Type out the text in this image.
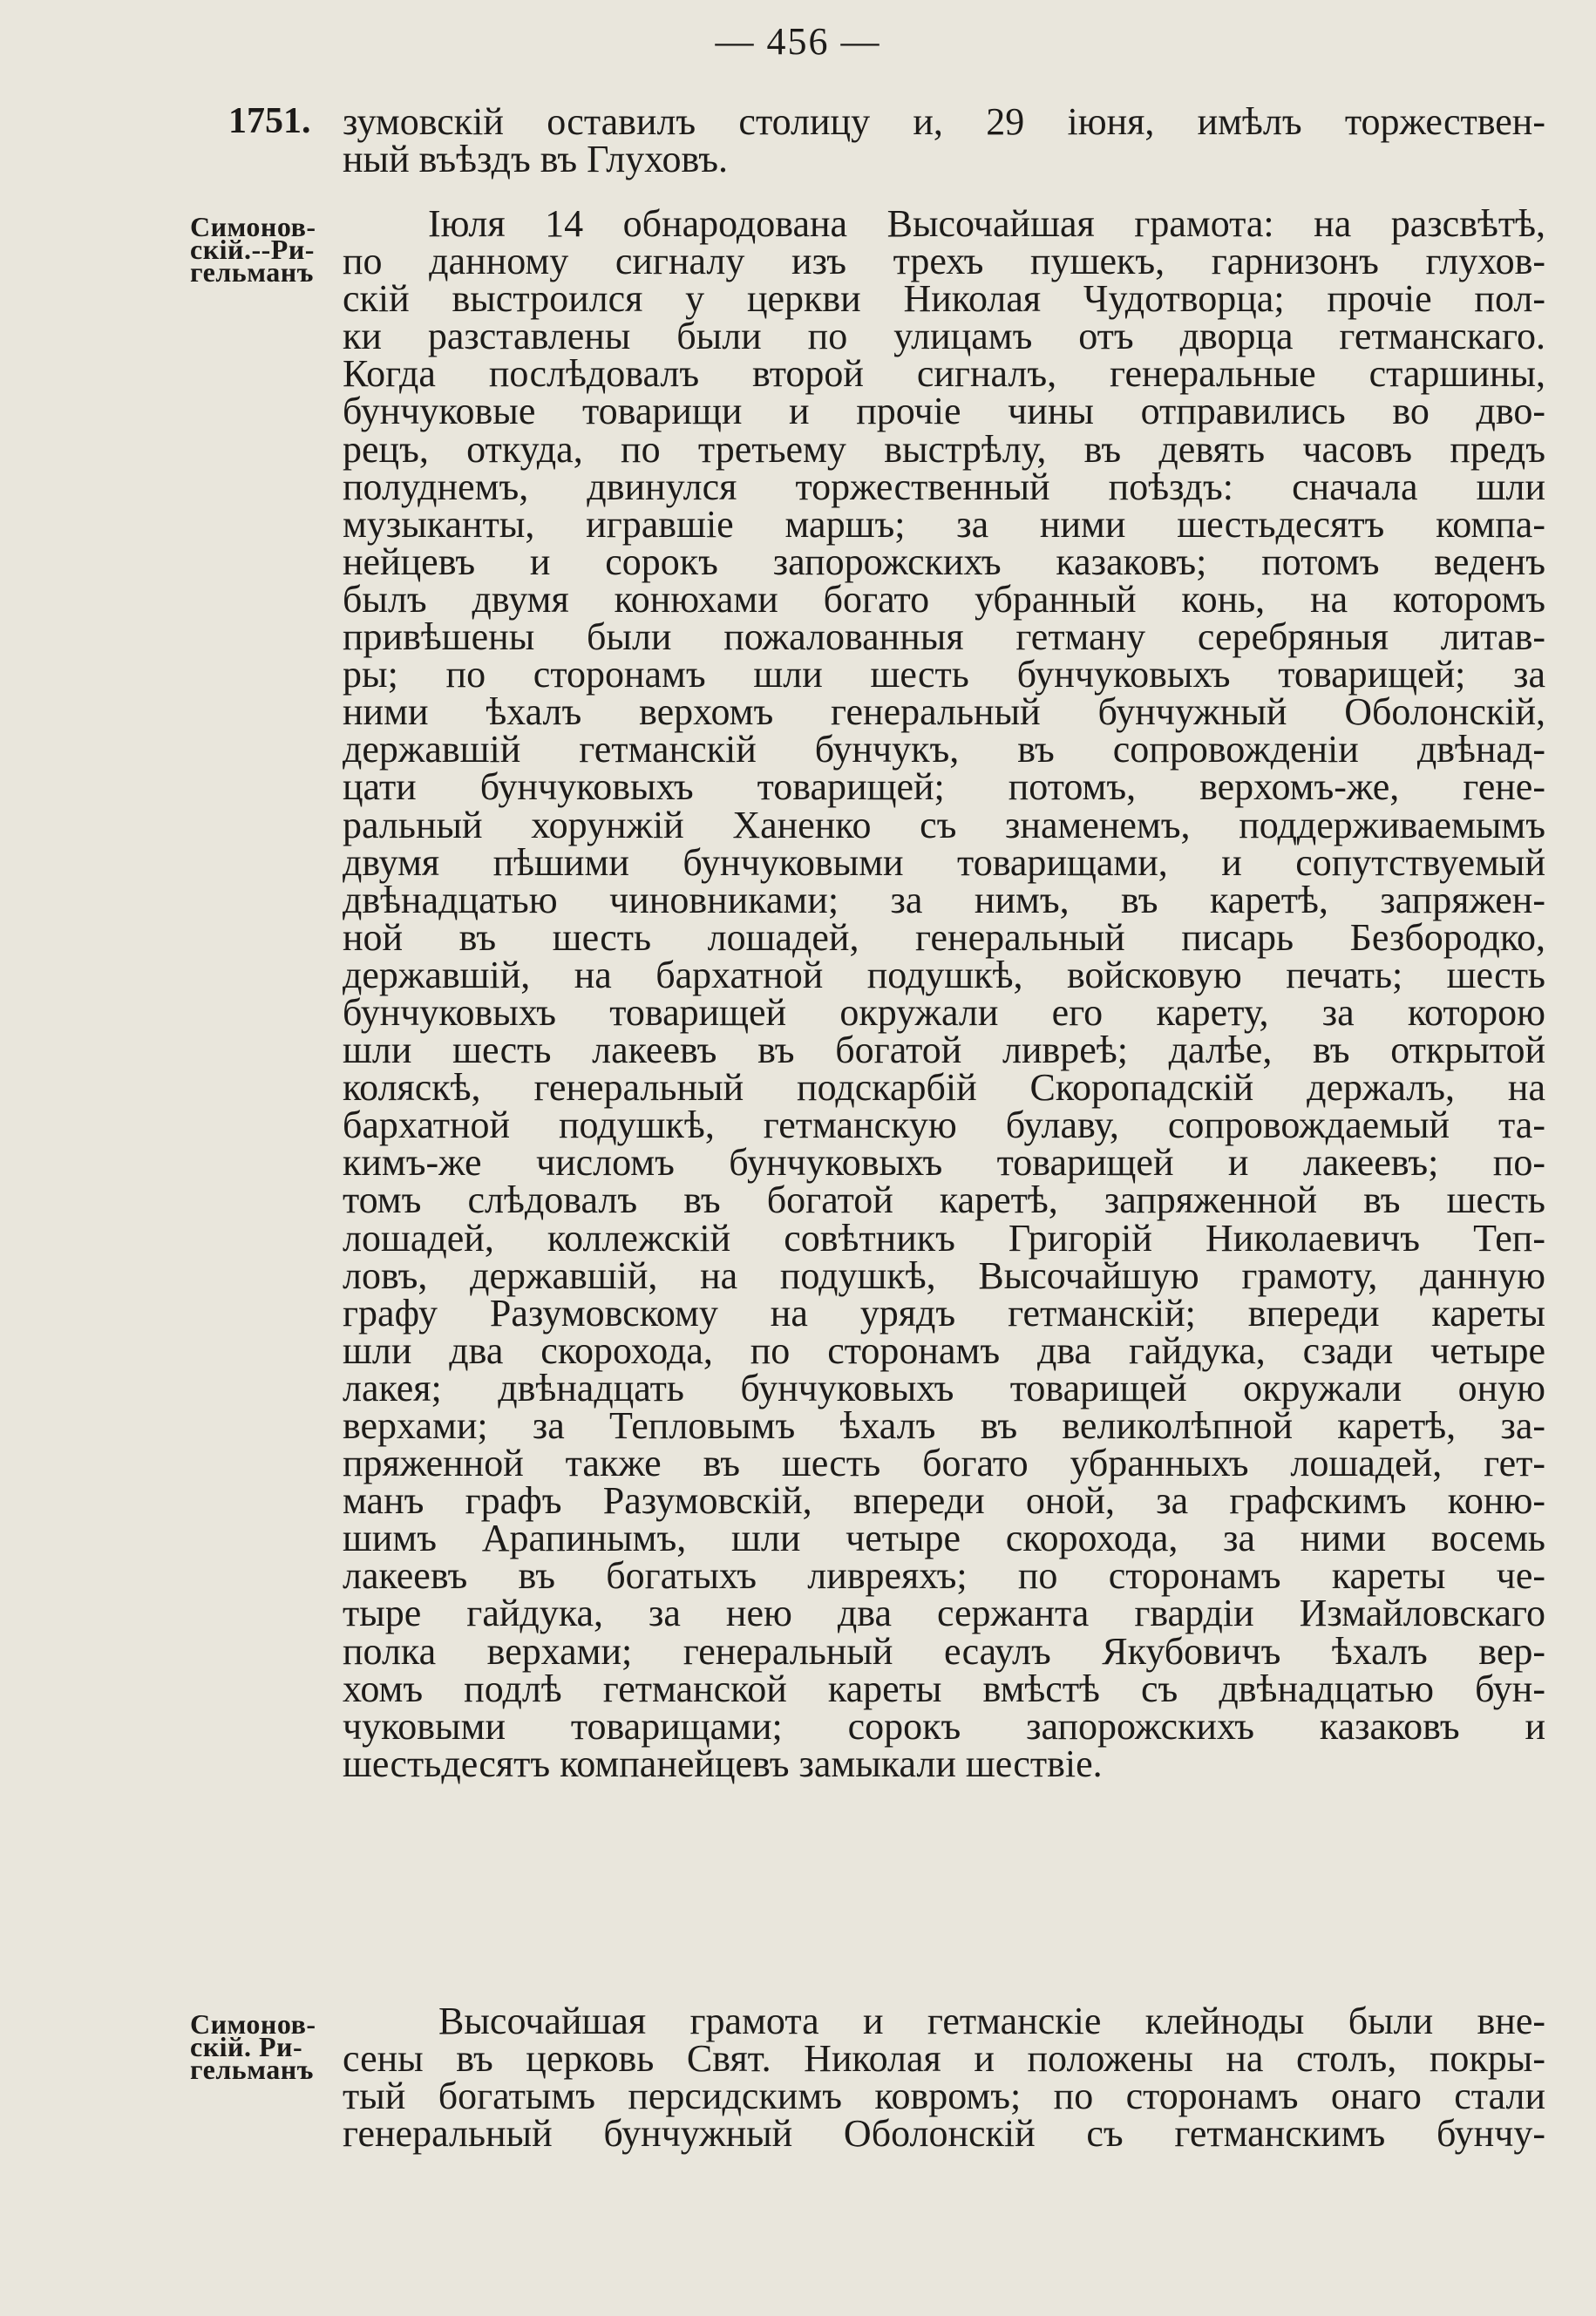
— 456 —
1751. зумовскій оставилъ столицу и, 29 іюня, имѣлъ торжествен-
ный въѣздъ въ Глуховъ.
Симонов-
скій.--Ри-
гельманъ
Іюля 14 обнародована Высочайшая грамота: на разсвѣтѣ,
по данному сигналу изъ трехъ пушекъ, гарнизонъ глухов-
скій выстроился у церкви Николая Чудотворца; прочіе пол-
ки разставлены были по улицамъ отъ дворца гетманскаго.
Когда послѣдовалъ второй сигналъ, генеральные старшины,
бунчуковые товарищи и прочіе чины отправились во дво-
рецъ, откуда, по третьему выстрѣлу, въ девять часовъ предъ
полуднемъ, двинулся торжественный поѣздъ: сначала шли
музыканты, игравшіе маршъ; за ними шестьдесятъ компа-
нейцевъ и сорокъ запорожскихъ казаковъ; потомъ веденъ
былъ двумя конюхами богато убранный конь, на которомъ
привѣшены были пожалованныя гетману серебряныя литав-
ры; по сторонамъ шли шесть бунчуковыхъ товарищей; за
ними ѣхалъ верхомъ генеральный бунчужный Оболонскій,
державшій гетманскій бунчукъ, въ сопровожденіи двѣнад-
цати бунчуковыхъ товарищей; потомъ, верхомъ-же, гене-
ральный хорунжій Ханенко съ знаменемъ, поддерживаемымъ
двумя пѣшими бунчуковыми товарищами, и сопутствуемый
двѣнадцатью чиновниками; за нимъ, въ каретѣ, запряжен-
ной въ шесть лошадей, генеральный писарь Безбородко,
державшій, на бархатной подушкѣ, войсковую печать; шесть
бунчуковыхъ товарищей окружали его карету, за которою
шли шесть лакеевъ въ богатой ливреѣ; далѣе, въ открытой
коляскѣ, генеральный подскарбій Скоропадскій держалъ, на
бархатной подушкѣ, гетманскую булаву, сопровождаемый та-
кимъ-же числомъ бунчуковыхъ товарищей и лакеевъ; по-
томъ слѣдовалъ въ богатой каретѣ, запряженной въ шесть
лошадей, коллежскій совѣтникъ Григорій Николаевичъ Теп-
ловъ, державшій, на подушкѣ, Высочайшую грамоту, данную
графу Разумовскому на урядъ гетманскій; впереди кареты
шли два скорохода, по сторонамъ два гайдука, сзади четыре
лакея; двѣнадцать бунчуковыхъ товарищей окружали оную
верхами; за Тепловымъ ѣхалъ въ великолѣпной каретѣ, за-
пряженной также въ шесть богато убранныхъ лошадей, гет-
манъ графъ Разумовскій, впереди оной, за графскимъ коню-
шимъ Арапинымъ, шли четыре скорохода, за ними восемь
лакеевъ въ богатыхъ ливреяхъ; по сторонамъ кареты че-
тыре гайдука, за нею два сержанта гвардіи Измайловскаго
полка верхами; генеральный есаулъ Якубовичъ ѣхалъ вер-
хомъ подлѣ гетманской кареты вмѣстѣ съ двѣнадцатью бун-
чуковыми товарищами; сорокъ запорожскихъ казаковъ и
шестьдесятъ компанейцевъ замыкали шествіе.
Симонов-
скій. Ри-
гельманъ
Высочайшая грамота и гетманскіе клейноды были вне-
сены въ церковь Свят. Николая и положены на столъ, покры-
тый богатымъ персидскимъ ковромъ; по сторонамъ онаго стали
генеральный бунчужный Оболонскій съ гетманскимъ бунчу-
